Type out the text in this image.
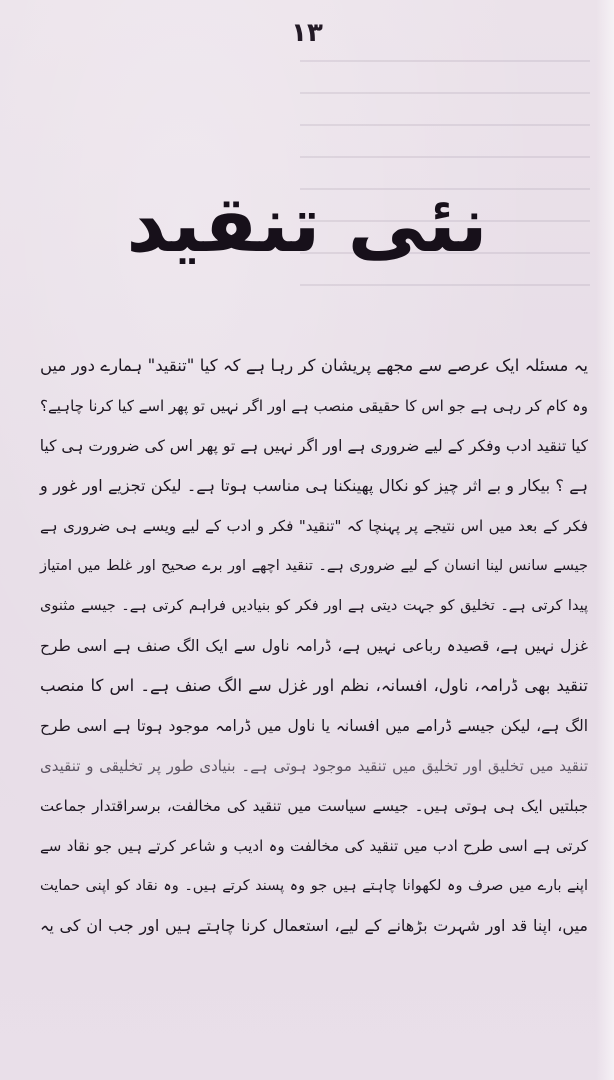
۱۳
نئی تنقید
یہ مسئلہ ایک عرصے سے مجھے پریشان کر رہا ہے کہ کیا "تنقید" ہمارے دور میں
وہ کام کر رہی ہے جو اس کا حقیقی منصب ہے اور اگر نہیں تو پھر اسے کیا کرنا چاہیے؟
کیا تنقید ادب وفکر کے لیے ضروری ہے اور اگر نہیں ہے تو پھر اس کی ضرورت ہی کیا
ہے ؟ بیکار و بے اثر چیز کو نکال پھینکنا ہی مناسب ہوتا ہے۔ لیکن تجزیے اور غور و
فکر کے بعد میں اس نتیجے پر پہنچا کہ "تنقید" فکر و ادب کے لیے ویسے ہی ضروری ہے
جیسے سانس لینا انسان کے لیے ضروری ہے۔ تنقید اچھے اور برے صحیح اور غلط میں امتیاز
پیدا کرتی ہے۔ تخلیق کو جہت دیتی ہے اور فکر کو بنیادیں فراہم کرتی ہے۔ جیسے مثنوی
غزل نہیں ہے، قصیدہ رباعی نہیں ہے، ڈرامہ ناول سے ایک الگ صنف ہے اسی طرح
تنقید بھی ڈرامہ، ناول، افسانہ، نظم اور غزل سے الگ صنف ہے۔ اس کا منصب
الگ ہے، لیکن جیسے ڈرامے میں افسانہ یا ناول میں ڈرامہ موجود ہوتا ہے اسی طرح
تنقید میں تخلیق اور تخلیق میں تنقید موجود ہوتی ہے۔ بنیادی طور پر تخلیقی و تنقیدی
جبلتیں ایک ہی ہوتی ہیں۔ جیسے سیاست میں تنقید کی مخالفت، برسراقتدار جماعت
کرتی ہے اسی طرح ادب میں تنقید کی مخالفت وہ ادیب و شاعر کرتے ہیں جو نقاد سے
اپنے بارے میں صرف وہ لکھوانا چاہتے ہیں جو وہ پسند کرتے ہیں۔ وہ نقاد کو اپنی حمایت
میں، اپنا قد اور شہرت بڑھانے کے لیے، استعمال کرنا چاہتے ہیں اور جب ان کی یہ
